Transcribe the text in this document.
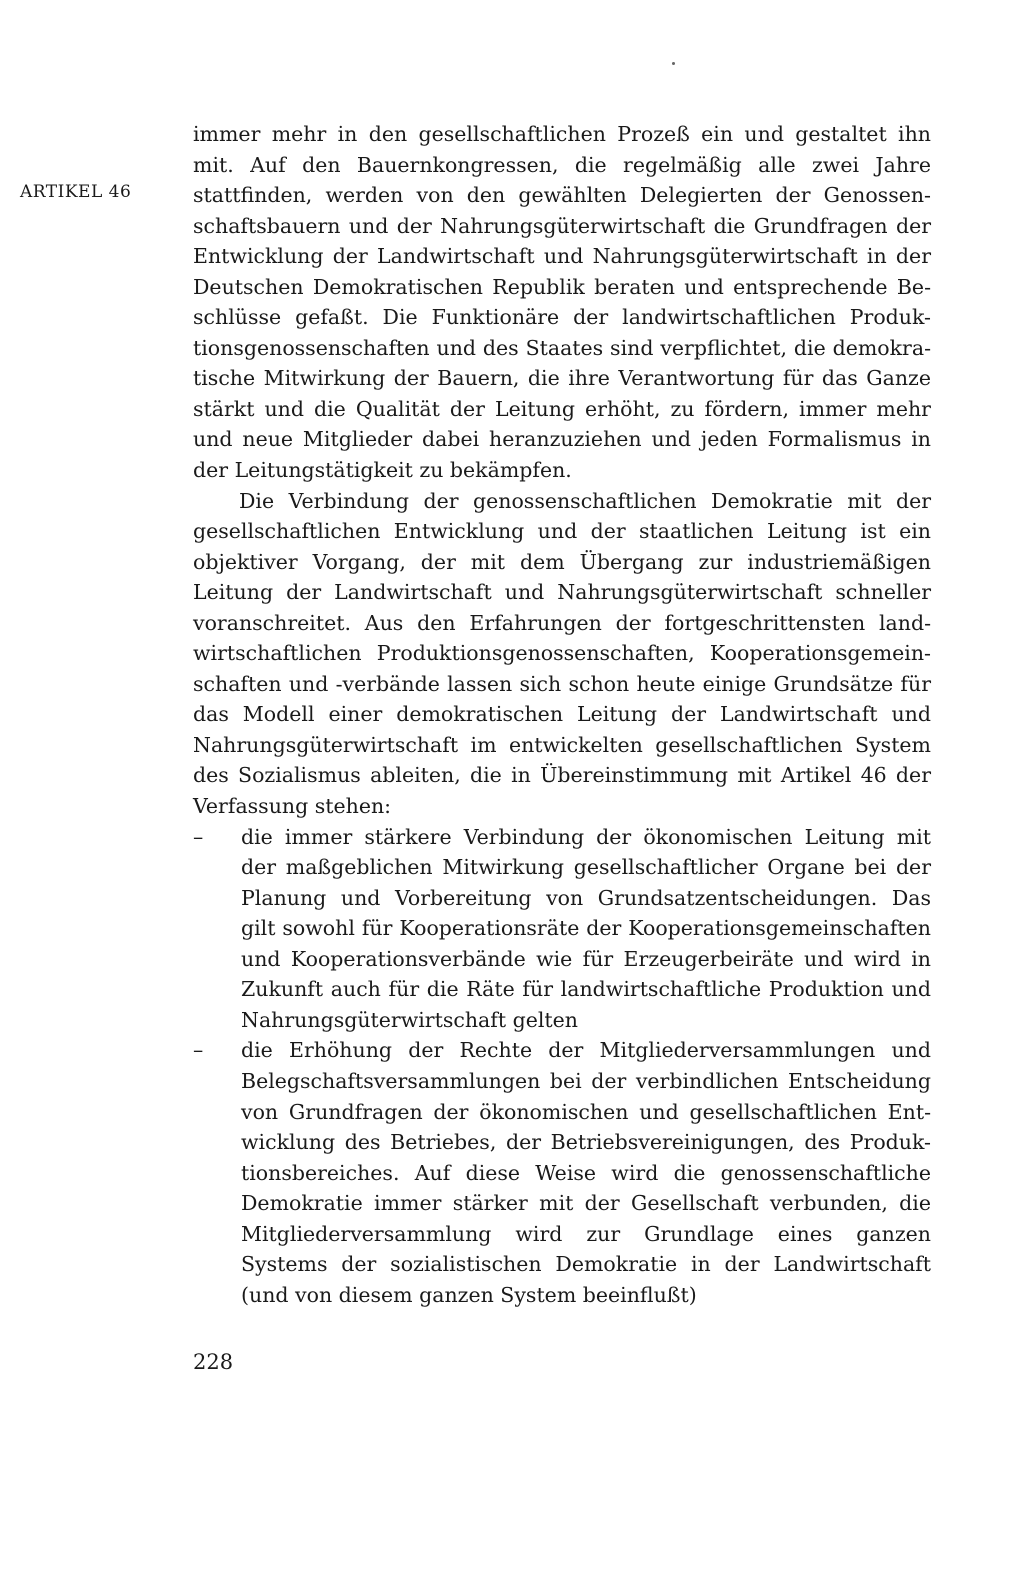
ARTIKEL 46

immer mehr in den gesellschaftlichen Prozeß ein und gestaltet ihn mit. Auf den Bauernkongressen, die regelmäßig alle zwei Jahre stattfinden, werden von den gewählten Delegierten der Genossen-schaftsbauern und der Nahrungsgüterwirtschaft die Grundfragen der Entwicklung der Landwirtschaft und Nahrungsgüterwirtschaft in der Deutschen Demokratischen Republik beraten und entsprechende Be-schlüsse gefaßt. Die Funktionäre der landwirtschaftlichen Produk-tionsgenossenschaften und des Staates sind verpflichtet, die demokra-tische Mitwirkung der Bauern, die ihre Verantwortung für das Ganze stärkt und die Qualität der Leitung erhöht, zu fördern, immer mehr und neue Mitglieder dabei heranzuziehen und jeden Formalismus in der Leitungstätigkeit zu bekämpfen.

Die Verbindung der genossenschaftlichen Demokratie mit der gesellschaftlichen Entwicklung und der staatlichen Leitung ist ein objektiver Vorgang, der mit dem Übergang zur industriemäßigen Leitung der Landwirtschaft und Nahrungsgüterwirtschaft schneller voranschreitet. Aus den Erfahrungen der fortgeschrittensten land-wirtschaftlichen Produktionsgenossenschaften, Kooperationsgemein-schaften und -verbände lassen sich schon heute einige Grundsätze für das Modell einer demokratischen Leitung der Landwirtschaft und Nahrungsgüterwirtschaft im entwickelten gesellschaftlichen System des Sozialismus ableiten, die in Übereinstimmung mit Artikel 46 der Verfassung stehen:

– die immer stärkere Verbindung der ökonomischen Leitung mit der maßgeblichen Mitwirkung gesellschaftlicher Organe bei der Planung und Vorbereitung von Grundsatzentscheidungen. Das gilt sowohl für Kooperationsräte der Kooperationsgemeinschaften und Kooperationsverbände wie für Erzeugerbeiräte und wird in Zukunft auch für die Räte für landwirtschaftliche Produktion und Nahrungsgüterwirtschaft gelten

– die Erhöhung der Rechte der Mitgliederversammlungen und Belegschaftsversammlungen bei der verbindlichen Entscheidung von Grundfragen der ökonomischen und gesellschaftlichen Ent-wicklung des Betriebes, der Betriebsvereinigungen, des Produk-tionsbereiches. Auf diese Weise wird die genossenschaftliche Demokratie immer stärker mit der Gesellschaft verbunden, die Mitgliederversammlung wird zur Grundlage eines ganzen Systems der sozialistischen Demokratie in der Landwirtschaft (und von diesem ganzen System beeinflußt)

228
